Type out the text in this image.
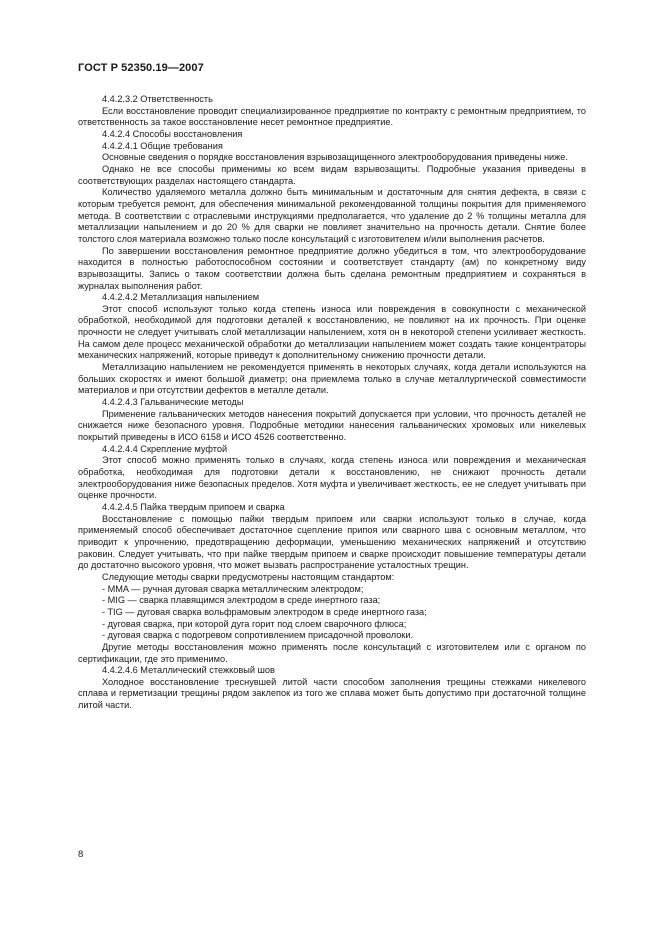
ГОСТ Р 52350.19—2007

4.4.2.3.2 Ответственность

Если восстановление проводит специализированное предприятие по контракту с ремонтным предприятием, то ответственность за такое восстановление несет ремонтное предприятие.

4.4.2.4 Способы восстановления

4.4.2.4.1 Общие требования

Основные сведения о порядке восстановления взрывозащищенного электрооборудования приведены ниже.

Однако не все способы применимы ко всем видам взрывозащиты. Подробные указания приведены в соответствующих разделах настоящего стандарта.

Количество удаляемого металла должно быть минимальным и достаточным для снятия дефекта, в связи с которым требуется ремонт, для обеспечения минимальной рекомендованной толщины покрытия для применяемого метода. В соответствии с отраслевыми инструкциями предполагается, что удаление до 2 % толщины металла для металлизации напылением и до 20 % для сварки не повлияет значительно на прочность детали. Снятие более толстого слоя материала возможно только после консультаций с изготовителем и/или выполнения расчетов.

По завершении восстановления ремонтное предприятие должно убедиться в том, что электрооборудование находится в полностью работоспособном состоянии и соответствует стандарту (ам) по конкретному виду взрывозащиты. Запись о таком соответствии должна быть сделана ремонтным предприятием и сохраняться в журналах выполнения работ.

4.4.2.4.2 Металлизация напылением

Этот способ используют только когда степень износа или повреждения в совокупности с механической обработкой, необходимой для подготовки деталей к восстановлению, не повлияют на их прочность. При оценке прочности не следует учитывать слой металлизации напылением, хотя он в некоторой степени усиливает жесткость. На самом деле процесс механической обработки до металлизации напылением может создать такие концентраторы механических напряжений, которые приведут к дополнительному снижению прочности детали.

Металлизацию напылением не рекомендуется применять в некоторых случаях, когда детали используются на больших скоростях и имеют большой диаметр; она приемлема только в случае металлургической совместимости материалов и при отсутствии дефектов в металле детали.

4.4.2.4.3 Гальванические методы

Применение гальванических методов нанесения покрытий допускается при условии, что прочность деталей не снижается ниже безопасного уровня. Подробные методики нанесения гальванических хромовых или никелевых покрытий приведены в ИСО 6158 и ИСО 4526 соответственно.

4.4.2.4.4 Скрепление муфтой

Этот способ можно применять только в случаях, когда степень износа или повреждения и механическая обработка, необходимая для подготовки детали к восстановлению, не снижают прочность детали электрооборудования ниже безопасных пределов. Хотя муфта и увеличивает жесткость, ее не следует учитывать при оценке прочности.

4.4.2.4.5 Пайка твердым припоем и сварка

Восстановление с помощью пайки твердым припоем или сварки используют только в случае, когда применяемый способ обеспечивает достаточное сцепление припоя или сварного шва с основным металлом, что приводит к упрочнению, предотвращению деформации, уменьшению механических напряжений и отсутствию раковин. Следует учитывать, что при пайке твердым припоем и сварке происходит повышение температуры детали до достаточно высокого уровня, что может вызвать распространение усталостных трещин.

Следующие методы сварки предусмотрены настоящим стандартом:

- MMA — ручная дуговая сварка металлическим электродом;

- MIG — сварка плавящимся электродом в среде инертного газа;

- TIG — дуговая сварка вольфрамовым электродом в среде инертного газа;

- дуговая сварка, при которой дуга горит под слоем сварочного флюса;

- дуговая сварка с подогревом сопротивлением присадочной проволоки.

Другие методы восстановления можно применять после консультаций с изготовителем или с органом по сертификации, где это применимо.

4.4.2.4.6 Металлический стежковый шов

Холодное восстановление треснувшей литой части способом заполнения трещины стежками никелевого сплава и герметизации трещины рядом заклепок из того же сплава может быть допустимо при достаточной толщине литой части.

8
